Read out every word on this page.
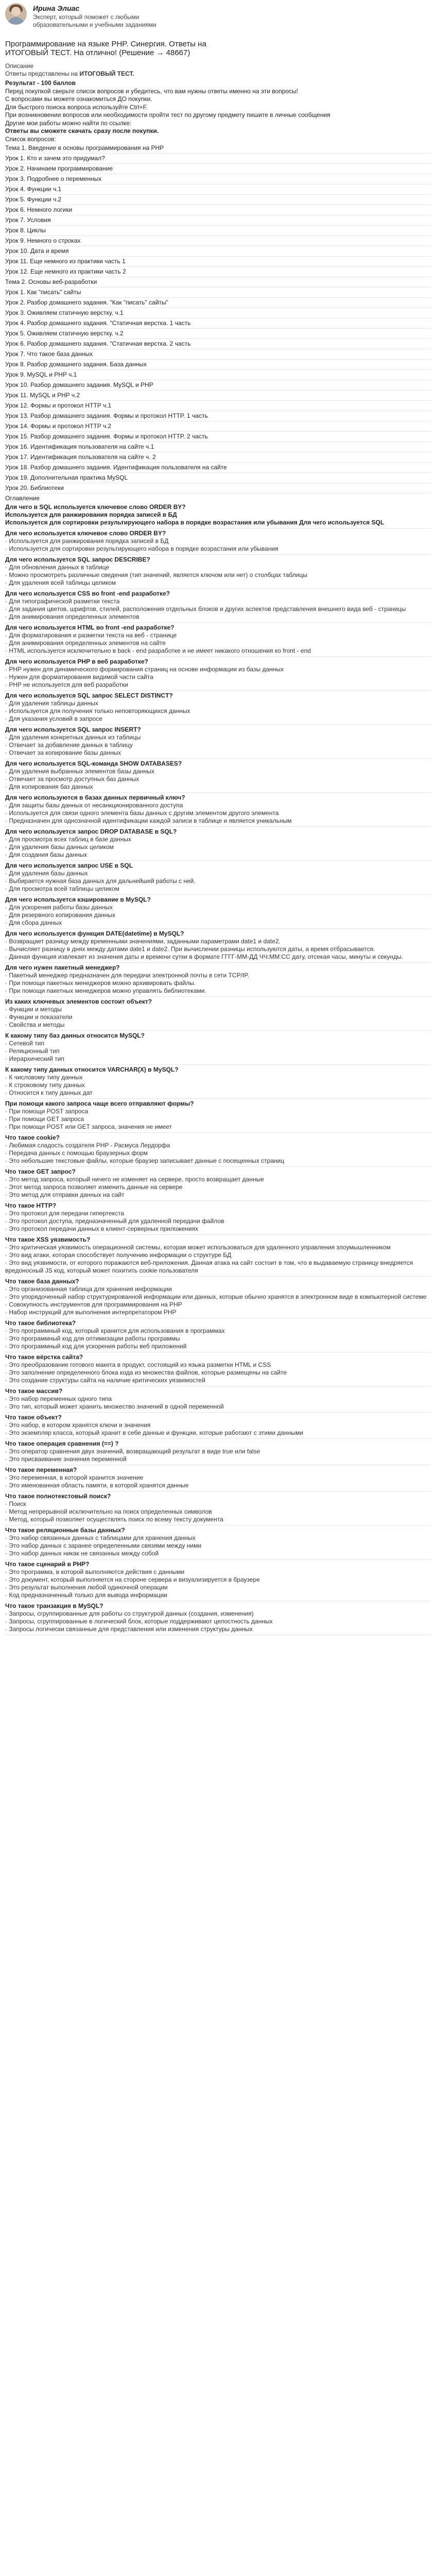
Ирина Элиас
Эксперт, который поможет с любыми образовательными и учебными заданиями
Программирование на языке PHP. Синергия. Ответы на ИТОГОВЫЙ ТЕСТ. На отлично! (Решение → 48667)
Описание
Ответы представлены на ИТОГОВЫЙ ТЕСТ.
Результат - 100 баллов
Перед покупкой сверьте список вопросов и убедитесь, что вам нужны ответы именно на эти вопросы!
С вопросами вы можете ознакомиться ДО покупки.
Для быстрого поиска вопроса используйте Ctrl+F.
При возникновении вопросов или необходимости пройти тест по другому предмету пишите в личные сообщения
Другие мои работы можно найти по ссылке:
Ответы вы сможете скачать сразу после покупки.
Список вопросов:
Тема 1. Введение в основы программирования на PHP
Урок 1. Кто и зачем это придумал?
Урок 2. Начинаем программирование
Урок 3. Подробнее о переменных
Урок 4. Функции ч.1
Урок 5. Функции ч.2
Урок 6. Немного логики
Урок 7. Условия
Урок 8. Циклы
Урок 9. Немного о строках
Урок 10. Дата и время
Урок 11. Еще немного из практики часть 1
Урок 12. Еще немного из практики часть 2
Тема 2. Основы веб-разработки
Урок 1. Как "писать" сайты
Урок 2. Разбор домашнего задания. "Как "писать" сайты"
Урок 3. Оживляем статичную верстку. ч.1
Урок 4. Разбор домашнего задания. "Статичная верстка. 1 часть
Урок 5. Оживляем статичную верстку. ч.2
Урок 6. Разбор домашнего задания. "Статичная верстка. 2 часть
Урок 7. Что такое база данных
Урок 8. Разбор домашнего задания. База данных
Урок 9. MySQL и PHP ч.1
Урок 10. Разбор домашнего задания. MySQL и PHP
Урок 11. MySQL и PHP ч.2
Урок 12. Формы и протокол HTTP ч.1
Урок 13. Разбор домашнего задания. Формы и протокол HTTP. 1 часть
Урок 14. Формы и протокол HTTP ч.2
Урок 15. Разбор домашнего задания. Формы и протокол HTTP. 2 часть
Урок 16. Идентификация пользователя на сайте ч.1
Урок 17. Идентификация пользователя на сайте ч. 2
Урок 18. Разбор домашнего задания. Идентификация пользователя на сайте
Урок 19. Дополнительная практика MySQL
Урок 20. Библиотеки
Оглавление
Для чего в SQL используется ключевое слово ORDER BY?
Используется для ранжирования порядка записей в БД
Используется для сортировки результирующего набора в порядке возрастания или убывания Для чего используется SQL
Для чего используется ключевое слово ORDER BY?
· Используется для ранжирования порядка записей в БД
· Используется для сортировки результирующего набора в порядке возрастания или убывания
Для чего используется SQL запрос DESCRIBE?
· Для обновления данных в таблице
· Можно просмотреть различные сведения (тип значений, является ключом или нет) о столбцах таблицы
· Для удаления всей таблицы целиком
Для чего используется CSS во front -end разработке?
· Для типографической разметки текста
· Для задания цветов, шрифтов, стилей, расположения отдельных блоков и других аспектов представления внешнего вида веб - страницы
· Для анимирования определенных элементов
Для чего используется HTML во front -end разработке?
· Для форматирования и разметки текста на веб - странице
· Для анимирования определенных элементов на сайте
· HTML используется исключительно в back - end разработке и не имеет никакого отношения ко front - end
Для чего используется PHP в веб разработке?
· PHP нужен для динамического формирования страниц на основе информации из базы данных
· Нужен для форматирования видимой части сайта
· PHP не используется для веб разработки
Для чего используется SQL запрос SELECT DISTINCT?
· Для удаления таблицы данных
· Используется для получения только неповторяющихся данных
· Для указания условий в запросе
Для чего используется SQL запрос INSERT?
· Для удаления конкретных данных из таблицы
· Отвечает за добавление данных в таблицу
· Отвечает за копирование базы данных
Для чего используется SQL-команда SHOW DATABASES?
· Для удаления выбранных элементов базы данных
· Отвечает за просмотр доступных баз данных
· Для копирования баз данных
Для чего используются в базах данных первичный ключ?
· Для защиты базы данных от несанкционированного доступа
· Используется для связи одного элемента базы данных с другим элементом другого элемента
· Предназначен для однозначной идентификации каждой записи в таблице и является уникальным
Для чего используется запрос DROP DATABASE в SQL?
· Для просмотра всех таблиц в базе данных
· Для удаления базы данных целиком
· Для создания базы данных
Для чего используется запрос USE в SQL
· Для удаления базы данных
· Выбирается нужная база данных для дальнейшей работы с ней.
· Для просмотра всей таблицы целиком
Для чего используется кэширование в MySQL?
· Для ускорения работы базы данных
· Для резервного копирования данных
· Для сбора данных
Для чего используется функция DATE(datetime) в MySQL?
· Возвращает разницу между временными значениями, заданными параметрами date1 и date2.
· Вычисляет разницу в днях между датами date1 и date2. При вычислении разницы используются даты, а время отбрасывается.
· Данная функция извлекает из значения даты и времени сутки в формате ГГГГ-ММ-ДД ЧЧ:ММ:СС дату, отсекая часы, минуты и секунды.
Для чего нужен пакетный менеджер?
· Пакетный менеджер предназначен для передачи электронной почты в сети ТСP/IP.
· При помощи пакетных менеджеров можно архивировать файлы.
· При помощи пакетных менеджеров можно управлять библиотеками.
Из каких ключевых элементов состоит объект?
· Функции и методы
· Функции и показатели
· Свойства и методы
К какому типу баз данных относится MySQL?
· Сетевой тип
· Реляционный тип
· Иерархический тип
К какому типу данных относится VARCHAR(X) в MySQL?
· К числовому типу данных
· К строковому типу данных
· Относится к типу данных дат
При помощи какого запроса чаще всего отправляют формы?
· При помощи POST запроса
· При помощи GET запроса
· При помощи POST или GET запроса, значения не имеет
Что такое cookie?
· Любимая сладость создателя PHP - Расмуса Лердорфа
· Передача данных с помощью браузерных форм
· Это небольшие текстовые файлы, которые браузер записывает данные с посещенных страниц
Что такое GET запрос?
· Это метод запроса, который ничего не изменяет на сервере, просто возвращает данные
· Этот метод запроса позволяет изменить данные на сервере
· Это метод для отправки данных на сайт
Что такое HTTP?
· Это протокол для передачи гипертекста
· Это протокол доступа, предназначенный для удаленной передачи файлов
· Это протокол передачи данных в клиент-серверных приложениях
Что такое XSS уязвимость?
· Это критическая уязвимость операционной системы, которая может использоваться для удаленного управления злоумышленником
· Это вид атаки, которая способствует получению информации о структуре БД
· Это вид уязвимости, от которого поражаются веб-приложения. Данная атака на сайт состоит в том, что в выдаваемую страницу внедряется вредоносный JS код, который может похитить cookie пользователя
Что такое база данных?
· Это организованная таблица для хранения информации
· Это упорядоченный набор структурированной информации или данных, которые обычно хранятся в электронном виде в компьютерной системе
· Совокупность инструментов для программирования на PHP
· Набор инструкций для выполнения интерпретатором PHP
Что такое библиотека?
· Это программный код, который хранится для использования в программах
· Это программный код для оптимизации работы программы
· Это программный код для ускорения работы веб приложений
Что такое вёрстка сайта?
· Это преобразование готового макета в продукт, состоящий из языка разметки HTML и CSS
· Это заполнение определенного блока кода из множества файлов, которые размещены на сайте
· Это создание структуры сайта на наличие критических уязвимостей
Что такое массив?
· Это набор переменных одного типа
· Это тип, который может хранить множество значений в одной переменной
Что такое объект?
· Это набор, в котором хранятся ключи и значения
· Это экземпляр класса, который хранит в себе данные и функции, которые работают с этими данными
Что такое операция сравнения (==) ?
· Это оператор сравнения двух значений, возвращающий результат в виде true или false
· Это присваивание значения переменной
Что такое переменная?
· Это переменная, в которой хранится значение
· Это именованная область памяти, в которой хранятся данные
Что такое полнотекстовый поиск?
· Поиск
· Метод непрерывной исключительно на поиск определенных символов
· Метод, который позволяет осуществлять поиск по всему тексту документа
Что такое реляционные базы данных?
· Это набор связанных данных с таблицами для хранения данных
· Это набор данных с заранее определенными связями между ними
· Это набор данных никак не связанных между собой
Что такое сценарий в PHP?
· Это программа, в которой выполняются действия с данными
· Это документ, который выполняется на стороне сервера и визуализируется в браузере
· Это результат выполнения любой одиночной операции
· Код предназначенный только для вывода информации
Что такое транзакция в MySQL?
· Запросы, сгруппированные для работы со структурой данных (создания, изменения)
· Запросы, сгруппированные в логический блок, которые поддерживают целостность данных
· Запросы логически связанные для представления или изменения структуры данных
